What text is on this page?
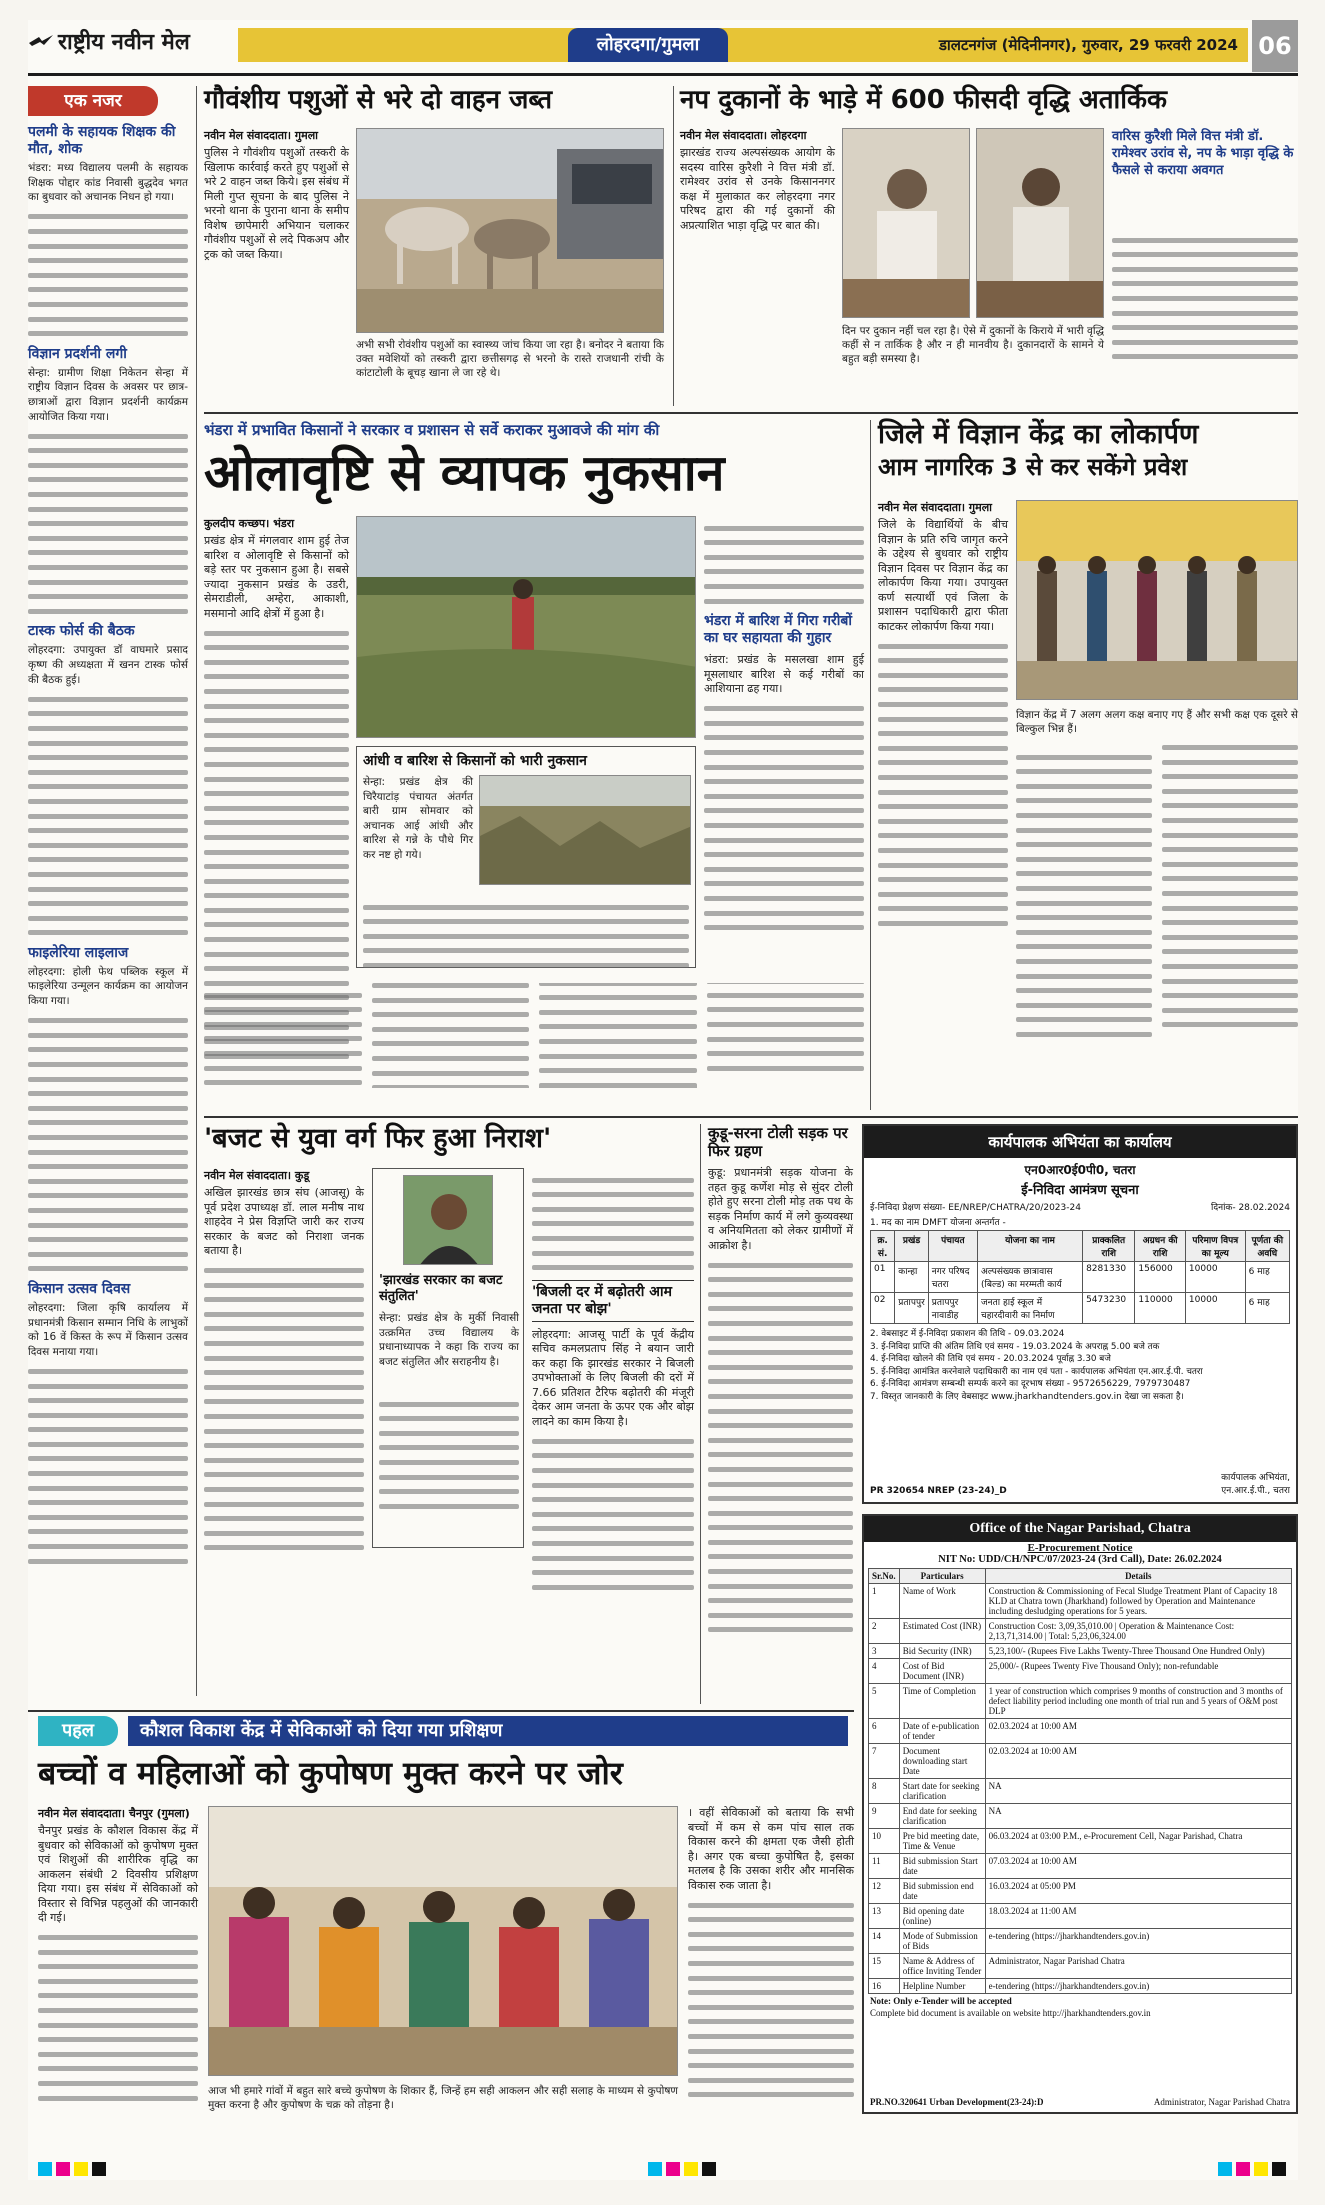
राष्ट्रीय नवीन मेल	लोहरदगा/गुमला	डालटनगंज (मेदिनीनगर), गुरुवार, 29 फरवरी 2024 06
एक नजर
पलमी के सहायक शिक्षक की मौत, शोक

भंडरा: मध्य विद्यालय पलमी के सहायक शिक्षक पोद्दार कांड निवासी बुद्धदेव भगत का बुधवार को अचानक निधन हो गया।

विज्ञान प्रदर्शनी लगी

सेन्हा: ग्रामीण शिक्षा निकेतन सेन्हा में राष्ट्रीय विज्ञान दिवस के अवसर पर छात्र-छात्राओं द्वारा विज्ञान प्रदर्शनी कार्यक्रम आयोजित किया गया।

टास्क फोर्स की बैठक

लोहरदगा: उपायुक्त डॉ वाघमारे प्रसाद कृष्ण की अध्यक्षता में खनन टास्क फोर्स की बैठक हुई।

फाइलेरिया लाइलाज

लोहरदगा: होली फेथ पब्लिक स्कूल में फाइलेरिया उन्मूलन कार्यक्रम का आयोजन किया गया।

किसान उत्सव दिवस

लोहरदगा: जिला कृषि कार्यालय में प्रधानमंत्री किसान सम्मान निधि के लाभुकों को 16 वें किस्त के रूप में किसान उत्सव दिवस मनाया गया।

गौवंशीय पशुओं से भरे दो वाहन जब्त
नवीन मेल संवाददाता। गुमला
पुलिस ने गौवंशीय पशुओं तस्करी के खिलाफ कार्रवाई करते हुए पशुओं से भरे 2 वाहन जब्त किये। इस संबंध में मिली गुप्त सूचना के बाद पुलिस ने भरनो थाना के पुराना थाना के समीप विशेष छापेमारी अभियान चलाकर गौवंशीय पशुओं से लदे पिकअप और ट्रक को जब्त किया।
अभी सभी रोवंशीय पशुओं का स्वास्थ्य जांच किया जा रहा है। बनोदर ने बताया कि उक्त मवेशियों को तस्करी द्वारा छत्तीसगढ़ से भरनो के रास्ते राजधानी रांची के कांटाटोली के बूचड़ खाना ले जा रहे थे।
नप दुकानों के भाड़े में 600 फीसदी वृद्धि अतार्किक
नवीन मेल संवाददाता। लोहरदगा
झारखंड राज्य अल्पसंख्यक आयोग के सदस्य वारिस कुरैशी ने वित्त मंत्री डॉ. रामेश्वर उरांव से उनके किसाननगर कक्ष में मुलाकात कर लोहरदगा नगर परिषद द्वारा की गई दुकानों की अप्रत्याशित भाड़ा वृद्धि पर बात की।
दिन पर दुकान नहीं चल रहा है। ऐसे में दुकानों के किराये में भारी वृद्धि कहीं से न तार्किक है और न ही मानवीय है। दुकानदारों के सामने ये बहुत बड़ी समस्या है।
वारिस कुरैशी मिले वित्त मंत्री डॉ. रामेश्वर उरांव से, नप के भाड़ा वृद्धि के फैसले से कराया अवगत
भंडरा में प्रभावित किसानों ने सरकार व प्रशासन से सर्वे कराकर मुआवजे की मांग की
ओलावृष्टि से व्यापक नुकसान
कुलदीप कच्छप। भंडरा
प्रखंड क्षेत्र में मंगलवार शाम हुई तेज बारिश व ओलावृष्टि से किसानों को बड़े स्तर पर नुकसान हुआ है। सबसे ज्यादा नुकसान प्रखंड के उडरी, सेमराडीली, अम्हेरा, आकाशी, मसमानो आदि क्षेत्रों में हुआ है।
भंडरा में बारिश में गिरा गरीबों का घर सहायता की गुहार
भंडरा: प्रखंड के मसलखा शाम हुई मूसलाधार बारिश से कई गरीबों का आशियाना ढह गया।
आंधी व बारिश से किसानों को भारी नुकसान
सेन्हा: प्रखंड क्षेत्र की चिरैयाटांड़ पंचायत अंतर्गत बारी ग्राम सोमवार को अचानक आई आंधी और बारिश से गन्ने के पौधे गिर कर नष्ट हो गये।
जिले में विज्ञान केंद्र का लोकार्पण
आम नागरिक 3 से कर सकेंगे प्रवेश
नवीन मेल संवाददाता। गुमला
जिले के विद्यार्थियों के बीच विज्ञान के प्रति रुचि जागृत करने के उद्देश्य से बुधवार को राष्ट्रीय विज्ञान दिवस पर विज्ञान केंद्र का लोकार्पण किया गया। उपायुक्त कर्ण सत्यार्थी एवं जिला के प्रशासन पदाधिकारी द्वारा फीता काटकर लोकार्पण किया गया।
विज्ञान केंद्र में 7 अलग अलग कक्ष बनाए गए हैं और सभी कक्ष एक दूसरे से बिल्कुल भिन्न हैं।
'बजट से युवा वर्ग फिर हुआ निराश'
नवीन मेल संवाददाता। कुडू
अखिल झारखंड छात्र संघ (आजसू) के पूर्व प्रदेश उपाध्यक्ष डॉ. लाल मनीष नाथ शाहदेव ने प्रेस विज्ञप्ति जारी कर राज्य सरकार के बजट को निराशा जनक बताया है।
'झारखंड सरकार का बजट संतुलित'
सेन्हा: प्रखंड क्षेत्र के मुर्की निवासी उत्क्रमित उच्च विद्यालय के प्रधानाध्यापक ने कहा कि राज्य का बजट संतुलित और सराहनीय है।
'बिजली दर में बढ़ोतरी आम जनता पर बोझ'
लोहरदगा: आजसू पार्टी के पूर्व केंद्रीय सचिव कमलप्रताप सिंह ने बयान जारी कर कहा कि झारखंड सरकार ने बिजली उपभोक्ताओं के लिए बिजली की दरों में 7.66 प्रतिशत टैरिफ बढ़ोतरी की मंजूरी देकर आम जनता के ऊपर एक और बोझ लादने का काम किया है।
कुडू-सरना टोली सड़क पर फिर ग्रहण
कुडू: प्रधानमंत्री सड़क योजना के तहत कुडू कर्णेश मोड़ से सुंदर टोली होते हुए सरना टोली मोड़ तक पथ के सड़क निर्माण कार्य में लगे कुव्यवस्था व अनियमितता को लेकर ग्रामीणों में आक्रोश है।
कार्यपालक अभियंता का कार्यालय
एन0आर0ई0पी0, चतरा
ई-निविदा आमंत्रण सूचना
ई-निविदा प्रेक्षण संख्या- EE/NREP/CHATRA/20/2023-24	दिनांक- 28.02.2024
1. मद का नाम DMFT योजना अन्तर्गत -
क्र. सं.	प्रखंड	पंचायत	योजना का नाम	प्राक्कलित राशि	अग्रधन की राशि	परिमाण विपत्र का मूल्य	पूर्णता की अवधि
01	कान्हा	नगर परिषद चतरा	अल्पसंख्यक छात्रावास (बिल्ड) का मरम्मती कार्य	8281330	156000	10000	6 माह
02	प्रतापपुर	प्रतापपुर नावाडीह	जनता हाई स्कूल में चहारदीवारी का निर्माण	5473230	110000	10000	6 माह
2. वेबसाइट में ई-निविदा प्रकाशन की तिथि - 09.03.2024
3. ई-निविदा प्राप्ति की अंतिम तिथि एवं समय - 19.03.2024 के अपराह्न 5.00 बजे तक
4. ई-निविदा खोलने की तिथि एवं समय - 20.03.2024 पूर्वाह्न 3.30 बजे
5. ई-निविदा आमंत्रित करनेवाले पदाधिकारी का नाम एवं पता - कार्यपालक अभियंता एन.आर.ई.पी. चतरा
6. ई-निविदा आमंत्रण सम्बन्धी सम्पर्क करने का दूरभाष संख्या - 9572656229, 7979730487
7. विस्तृत जानकारी के लिए वेबसाइट www.jharkhandtenders.gov.in देखा जा सकता है।
PR 320654 NREP (23-24)_D
कार्यपालक अभियंता, एन.आर.ई.पी., चतरा
Office of the Nagar Parishad, Chatra
E-Procurement Notice
NIT No: UDD/CH/NPC/07/2023-24 (3rd Call), Date: 26.02.2024
Sr.No.	Particulars	Details
1	Name of Work	Construction & Commissioning of Fecal Sludge Treatment Plant of Capacity 18 KLD at Chatra town (Jharkhand) followed by Operation and Maintenance including desludging operations for 5 years.
2	Estimated Cost (INR)	Construction Cost: 3,09,35,010.00 | Operation & Maintenance Cost: 2,13,71,314.00 | Total: 5,23,06,324.00
3	Bid Security (INR)	5,23,100/- (Rupees Five Lakhs Twenty-Three Thousand One Hundred Only)
4	Cost of Bid Document (INR)	25,000/- (Rupees Twenty Five Thousand Only); non-refundable
5	Time of Completion	1 year of construction which comprises 9 months of construction and 3 months of defect liability period including one month of trial run and 5 years of O&M post DLP
6	Date of e-publication of tender	02.03.2024 at 10:00 AM
7	Document downloading start Date	02.03.2024 at 10:00 AM
8	Start date for seeking clarification	NA
9	End date for seeking clarification	NA
10	Pre bid meeting date, Time & Venue	06.03.2024 at 03:00 P.M., e-Procurement Cell, Nagar Parishad, Chatra
11	Bid submission Start date	07.03.2024 at 10:00 AM
12	Bid submission end date	16.03.2024 at 05:00 PM
13	Bid opening date (online)	18.03.2024 at 11:00 AM
14	Mode of Submission of Bids	e-tendering (https://jharkhandtenders.gov.in)
15	Name & Address of office Inviting Tender	Administrator, Nagar Parishad Chatra
16	Helpline Number	e-tendering (https://jharkhandtenders.gov.in)
Note: Only e-Tender will be accepted
Complete bid document is available on website http://jharkhandtenders.gov.in
PR.NO.320641 Urban Development(23-24):D	Administrator, Nagar Parishad Chatra
पहल	कौशल विकाश केंद्र में सेविकाओं को दिया गया प्रशिक्षण
बच्चों व महिलाओं को कुपोषण मुक्त करने पर जोर
नवीन मेल संवाददाता। चैनपुर (गुमला)
चैनपुर प्रखंड के कौशल विकास केंद्र में बुधवार को सेविकाओं को कुपोषण मुक्त एवं शिशुओं की शारीरिक वृद्धि का आकलन संबंधी 2 दिवसीय प्रशिक्षण दिया गया। इस संबंध में सेविकाओं को विस्तार से विभिन्न पहलुओं की जानकारी दी गई।
आज भी हमारे गांवों में बहुत सारे बच्चे कुपोषण के शिकार हैं, जिन्हें हम सही आकलन और सही सलाह के माध्यम से कुपोषण मुक्त करना है और कुपोषण के चक्र को तोड़ना है।
। वहीं सेविकाओं को बताया कि सभी बच्चों में कम से कम पांच साल तक विकास करने की क्षमता एक जैसी होती है। अगर एक बच्चा कुपोषित है, इसका मतलब है कि उसका शरीर और मानसिक विकास रुक जाता है।
